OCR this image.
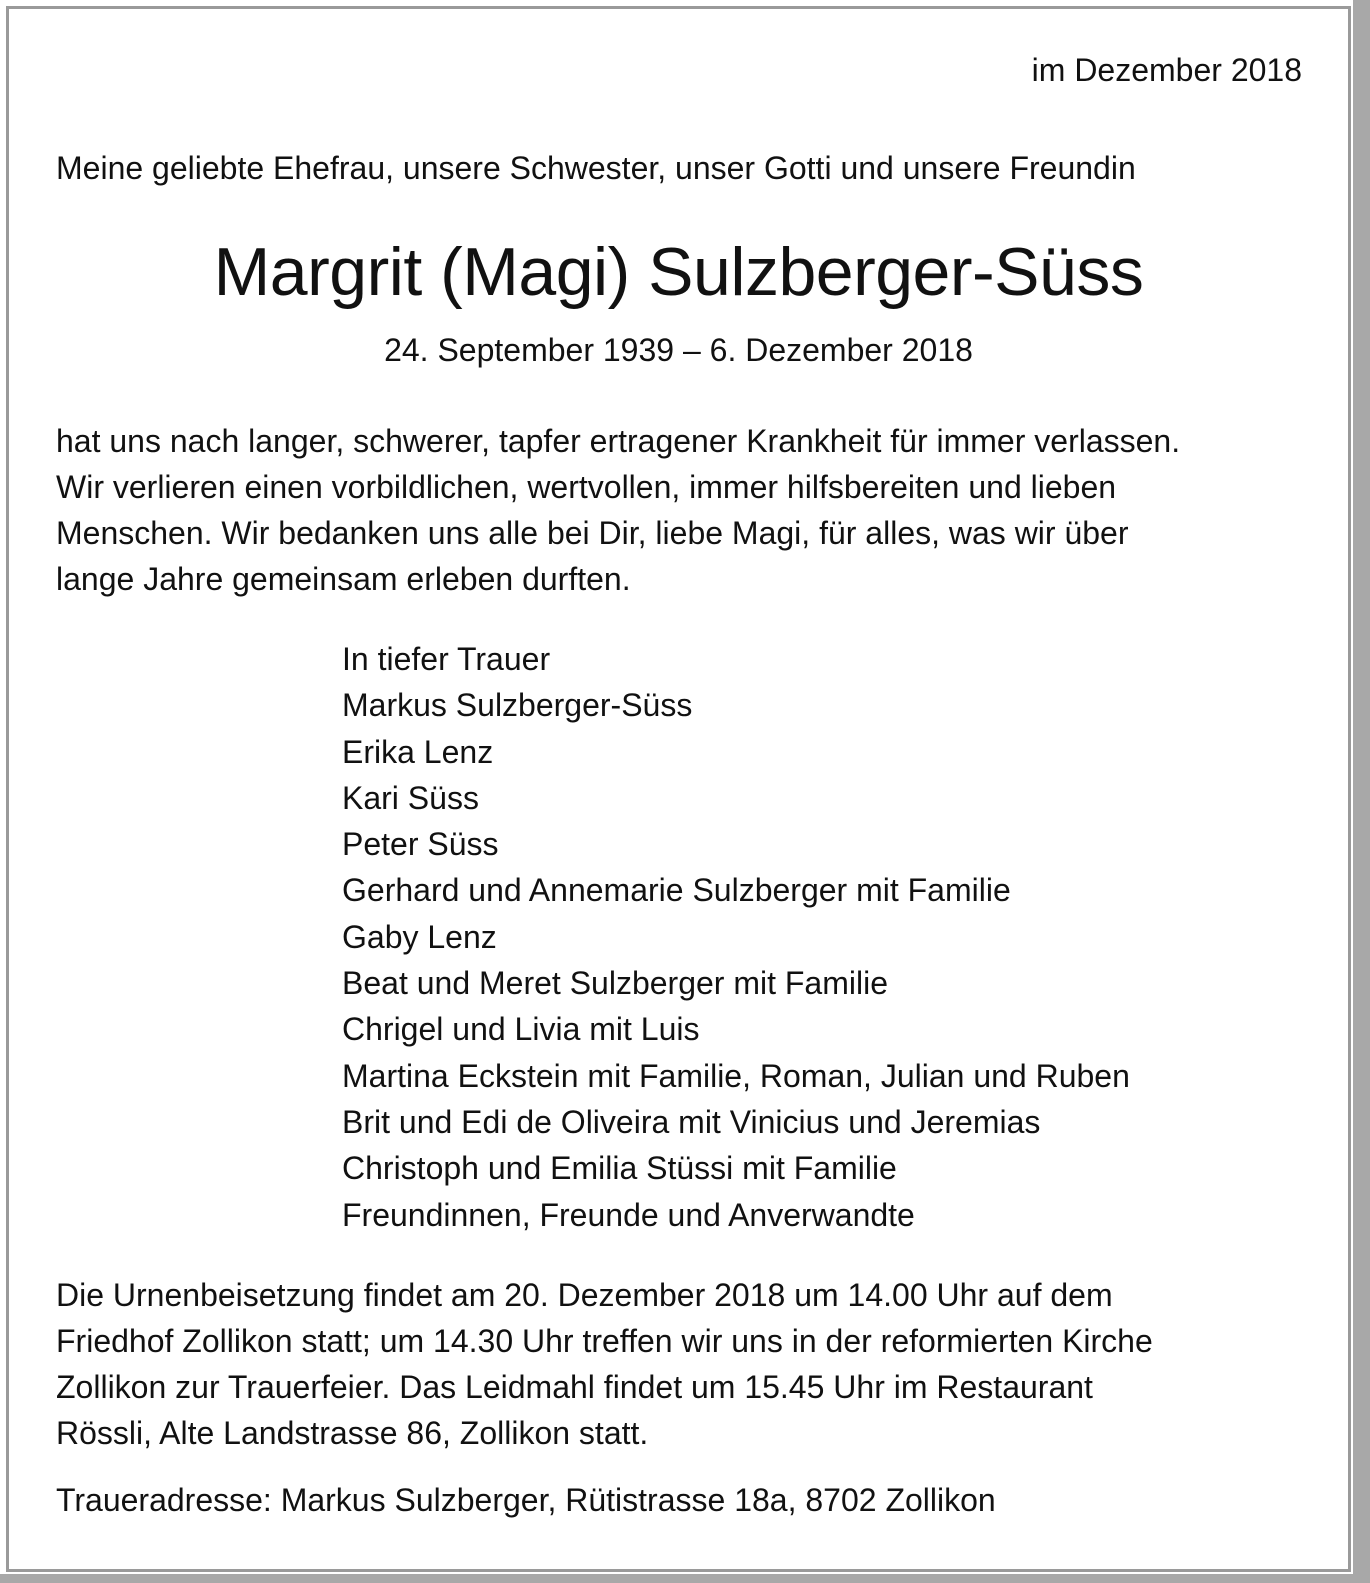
im Dezember 2018
Meine geliebte Ehefrau, unsere Schwester, unser Gotti und unsere Freundin
Margrit (Magi) Sulzberger-Süss
24. September 1939 – 6. Dezember 2018
hat uns nach langer, schwerer, tapfer ertragener Krankheit für immer verlassen.
Wir verlieren einen vorbildlichen, wertvollen, immer hilfsbereiten und lieben
Menschen. Wir bedanken uns alle bei Dir, liebe Magi, für alles, was wir über
lange Jahre gemeinsam erleben durften.
In tiefer Trauer
Markus Sulzberger-Süss
Erika Lenz
Kari Süss
Peter Süss
Gerhard und Annemarie Sulzberger mit Familie
Gaby Lenz
Beat und Meret Sulzberger mit Familie
Chrigel und Livia mit Luis
Martina Eckstein mit Familie, Roman, Julian und Ruben
Brit und Edi de Oliveira mit Vinicius und Jeremias
Christoph und Emilia Stüssi mit Familie
Freundinnen, Freunde und Anverwandte
Die Urnenbeisetzung findet am 20. Dezember 2018 um 14.00 Uhr auf dem
Friedhof Zollikon statt; um 14.30 Uhr treffen wir uns in der reformierten Kirche
Zollikon zur Trauerfeier. Das Leidmahl findet um 15.45 Uhr im Restaurant
Rössli, Alte Landstrasse 86, Zollikon statt.
Traueradresse: Markus Sulzberger, Rütistrasse 18a, 8702 Zollikon
